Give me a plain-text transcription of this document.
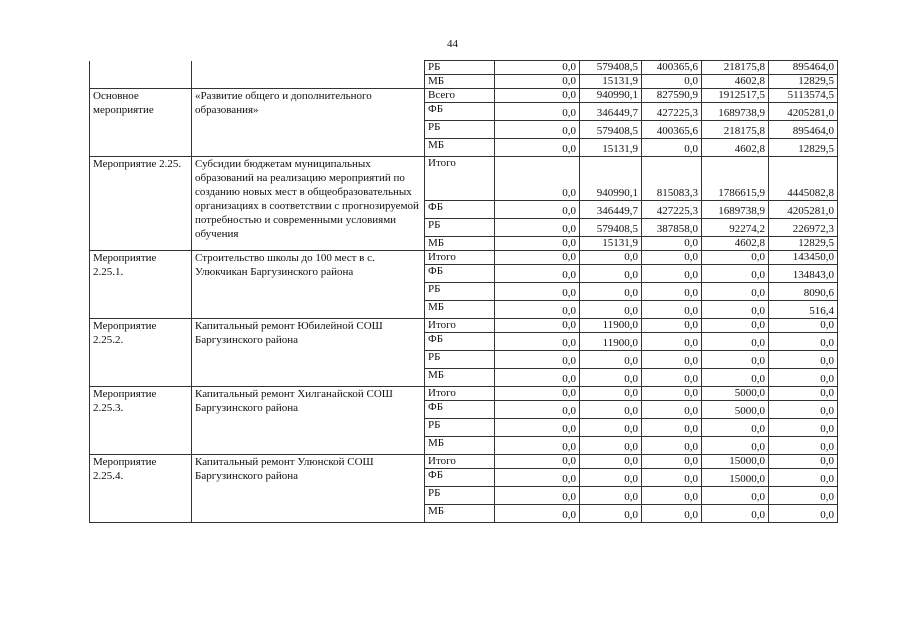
44
		РБ	0,0	579408,5	400365,6	218175,8	895464,0
		МБ	0,0	15131,9	0,0	4602,8	12829,5
Основное мероприятие	«Развитие общего и дополнительного образования»	Всего	0,0	940990,1	827590,9	1912517,5	5113574,5
		ФБ	0,0	346449,7	427225,3	1689738,9	4205281,0
		РБ	0,0	579408,5	400365,6	218175,8	895464,0
		МБ	0,0	15131,9	0,0	4602,8	12829,5
Мероприятие 2.25.	Субсидии бюджетам муниципальных образований на реализацию мероприятий по созданию новых мест в общеобразовательных организациях в соответствии с прогнозируемой потребностью и современными условиями обучения	Итого	0,0	940990,1	815083,3	1786615,9	4445082,8
		ФБ	0,0	346449,7	427225,3	1689738,9	4205281,0
		РБ	0,0	579408,5	387858,0	92274,2	226972,3
		МБ	0,0	15131,9	0,0	4602,8	12829,5
Мероприятие 2.25.1.	Строительство школы до 100 мест в с. Улюкчикан Баргузинского района	Итого	0,0	0,0	0,0	0,0	143450,0
		ФБ	0,0	0,0	0,0	0,0	134843,0
		РБ	0,0	0,0	0,0	0,0	8090,6
		МБ	0,0	0,0	0,0	0,0	516,4
Мероприятие 2.25.2.	Капитальный ремонт Юбилейной СОШ Баргузинского района	Итого	0,0	11900,0	0,0	0,0	0,0
		ФБ	0,0	11900,0	0,0	0,0	0,0
		РБ	0,0	0,0	0,0	0,0	0,0
		МБ	0,0	0,0	0,0	0,0	0,0
Мероприятие 2.25.3.	Капитальный ремонт Хилганайской СОШ Баргузинского района	Итого	0,0	0,0	0,0	5000,0	0,0
		ФБ	0,0	0,0	0,0	5000,0	0,0
		РБ	0,0	0,0	0,0	0,0	0,0
		МБ	0,0	0,0	0,0	0,0	0,0
Мероприятие 2.25.4.	Капитальный ремонт Улюнской СОШ Баргузинского района	Итого	0,0	0,0	0,0	15000,0	0,0
		ФБ	0,0	0,0	0,0	15000,0	0,0
		РБ	0,0	0,0	0,0	0,0	0,0
		МБ	0,0	0,0	0,0	0,0	0,0
